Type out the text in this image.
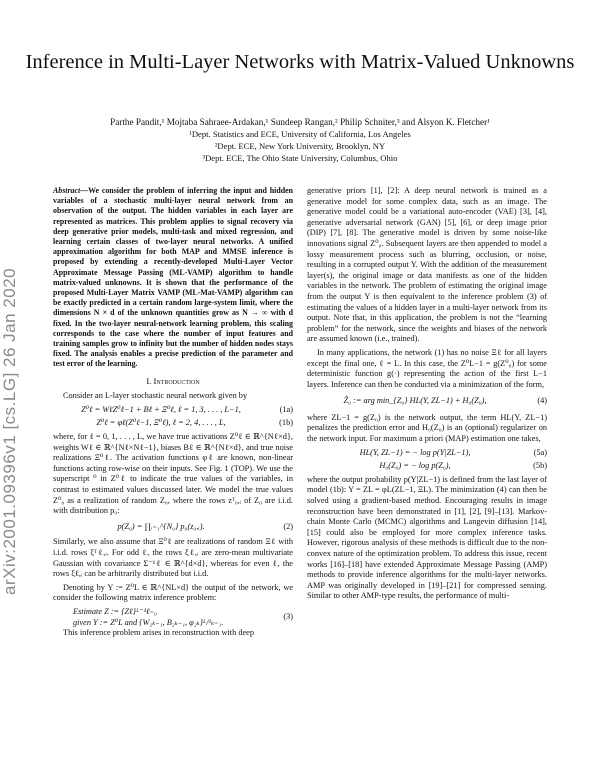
Inference in Multi-Layer Networks with Matrix-Valued Unknowns
Parthe Pandit,¹ Mojtaba Sahraee-Ardakan,¹ Sundeep Rangan,² Philip Schniter,³ and Alsyon K. Fletcher¹
¹Dept. Statistics and ECE, University of California, Los Angeles
²Dept. ECE, New York University, Brooklyn, NY
³Dept. ECE, The Ohio State University, Columbus, Ohio
arXiv:2001.09396v1 [cs.LG] 26 Jan 2020
Abstract—We consider the problem of inferring the input and hidden variables of a stochastic multi-layer neural network from an observation of the output. The hidden variables in each layer are represented as matrices. This problem applies to signal recovery via deep generative prior models, multi-task and mixed regression, and learning certain classes of two-layer neural networks. A unified approximation algorithm for both MAP and MMSE inference is proposed by extending a recently-developed Multi-Layer Vector Approximate Message Passing (ML-VAMP) algorithm to handle matrix-valued unknowns. It is shown that the performance of the proposed Multi-Layer Matrix VAMP (ML-Mat-VAMP) algorithm can be exactly predicted in a certain random large-system limit, where the dimensions N × d of the unknown quantities grow as N → ∞ with d fixed. In the two-layer neural-network learning problem, this scaling corresponds to the case where the number of input features and training samples grow to infinity but the number of hidden nodes stays fixed. The analysis enables a precise prediction of the parameter and test error of the learning.
I. Introduction

Consider an L-layer stochastic neural network given by

Z⁰ℓ = WℓZ⁰ℓ−1 + Bℓ + Ξ⁰ℓ, ℓ = 1, 3, . . . , L−1,	(1a)
Z⁰ℓ = φℓ(Z⁰ℓ−1, Ξ⁰ℓ), ℓ = 2, 4, . . . , L,	(1b)

where, for ℓ = 0, 1, . . . , L, we have true activations Z⁰ℓ ∈ ℝ^{Nℓ×d}, weights Wℓ ∈ ℝ^{Nℓ×Nℓ−1}, biases Bℓ ∈ ℝ^{Nℓ×d}, and true noise realizations Ξ⁰ℓ. The activation functions φℓ are known, non-linear functions acting row-wise on their inputs. See Fig. 1 (TOP). We use the superscript ⁰ in Z⁰ℓ to indicate the true values of the variables, in contrast to estimated values discussed later. We model the true values Z⁰₀ as a realization of random Z₀, where the rows zᵀ₀,ᵢ of Z₀ are i.i.d. with distribution p₀:

p(Z₀) = ∏ᵢ₌₁^{N₀} p₀(z₀,ᵢ).	(2)

Similarly, we also assume that Ξ⁰ℓ are realizations of random Ξℓ with i.i.d. rows ξᵀℓ,ᵢ. For odd ℓ, the rows ξℓ,ᵢ are zero-mean multivariate Gaussian with covariance Σ⁻¹ℓ ∈ ℝ^{d×d}, whereas for even ℓ, the rows ξℓ,ᵢ can be arbitrarily distributed but i.i.d.

Denoting by Y := Z⁰L ∈ ℝ^{NL×d} the output of the network, we consider the following matrix inference problem:

Estimate Z := {Zℓ}ᴸ⁻¹ℓ₌₀
given Y := Z⁰L and {W₂ₖ₋₁, B₂ₖ₋₁, φ₂ₖ}ᴸ/²ₖ₌₁.
(3)

This inference problem arises in reconstruction with deep

generative priors [1], [2]: A deep neural network is trained as a generative model for some complex data, such as an image. The generative model could be a variational auto-encoder (VAE) [3], [4], generative adversarial network (GAN) [5], [6], or deep image prior (DIP) [7], [8]. The generative model is driven by some noise-like innovations signal Z⁰₀. Subsequent layers are then appended to model a lossy measurement process such as blurring, occlusion, or noise, resulting in a corrupted output Y. With the addition of the measurement layer(s), the original image or data manifests as one of the hidden variables in the network. The problem of estimating the original image from the output Y is then equivalent to the inference problem (3) of estimating the values of a hidden layer in a multi-layer network from its output. Note that, in this application, the problem is not the “learning problem” for the network, since the weights and biases of the network are assumed known (i.e., trained).

In many applications, the network (1) has no noise Ξℓ for all layers except the final one, ℓ = L. In this case, the Z⁰L−1 = g(Z⁰₀) for some deterministic function g(·) representing the action of the first L−1 layers. Inference can then be conducted via a minimization of the form,

Ẑ₀ := arg min_{Z₀} HL(Y, ZL−1) + H₀(Z₀),	(4)

where ZL−1 = g(Z₀) is the network output, the term HL(Y, ZL−1) penalizes the prediction error and H₀(Z₀) is an (optional) regularizer on the network input. For maximum a priori (MAP) estimation one takes,

HL(Y, ZL−1) = − log p(Y|ZL−1),	(5a)
H₀(Z₀) = − log p(Z₀),	(5b)

where the output probability p(Y|ZL−1) is defined from the last layer of model (1b): Y = ZL = φL(ZL−1, ΞL). The minimization (4) can then be solved using a gradient-based method. Encouraging results in image reconstruction have been demonstrated in [1], [2], [9]–[13]. Markov-chain Monte Carlo (MCMC) algorithms and Langevin diffusion [14], [15] could also be employed for more complex inference tasks. However, rigorous analysis of these methods is difficult due to the non-convex nature of the optimization problem. To address this issue, recent works [16]–[18] have extended Approximate Message Passing (AMP) methods to provide inference algorithms for the multi-layer networks. AMP was originally developed in [19]–[21] for compressed sensing. Similar to other AMP-type results, the performance of multi-
